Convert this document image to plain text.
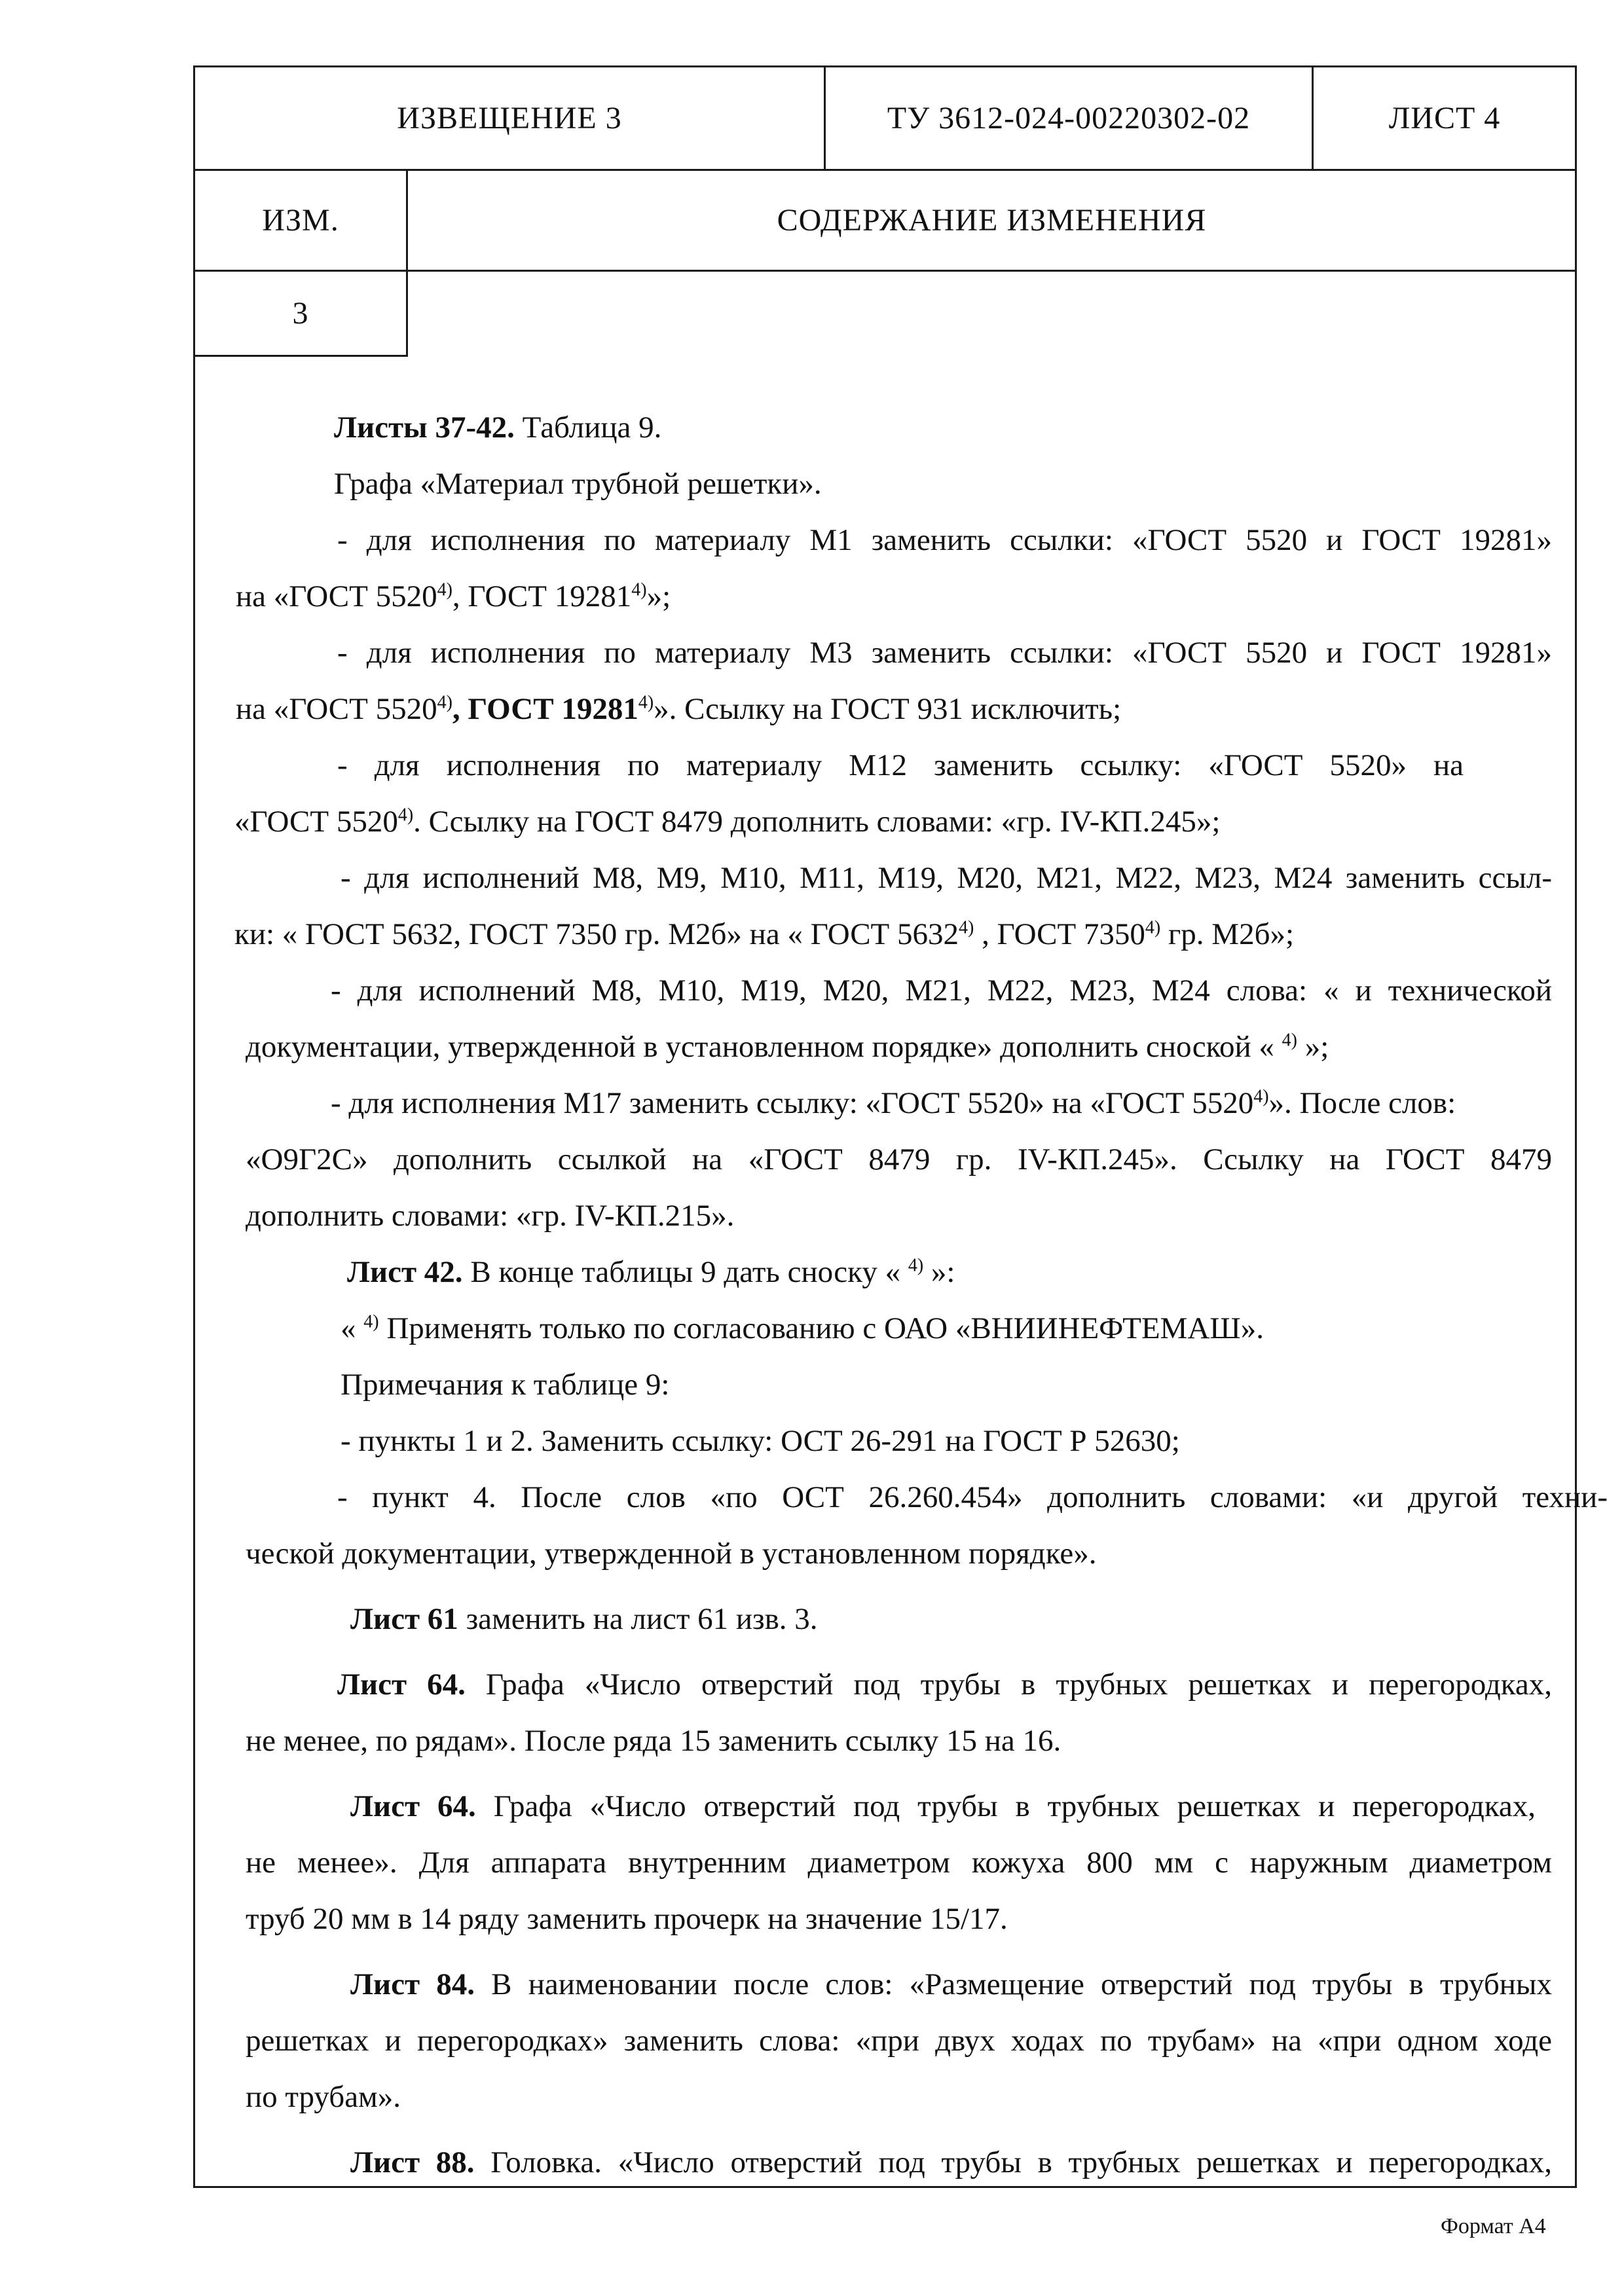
ИЗВЕЩЕНИЕ 3	ТУ 3612-024-00220302-02	ЛИСТ 4
ИЗМ.	СОДЕРЖАНИЕ ИЗМЕНЕНИЯ
3

Листы 37-42. Таблица 9.

Графа «Материал трубной решетки».

- для исполнения по материалу М1 заменить ссылки: «ГОСТ 5520 и ГОСТ 19281»

на «ГОСТ 5520$^{4)}$, ГОСТ 19281$^{4)}$»;

- для исполнения по материалу М3 заменить ссылки: «ГОСТ 5520 и ГОСТ 19281»

на «ГОСТ 5520$^{4)}$, ГОСТ 19281$^{4)}$». Ссылку на ГОСТ 931 исключить;

- для исполнения по материалу М12 заменить ссылку: «ГОСТ 5520» на

«ГОСТ 5520$^{4)}$. Ссылку на ГОСТ 8479 дополнить словами: «гр. IV-КП.245»;

- для исполнений М8, М9, М10, М11, М19, М20, М21, М22, М23, М24 заменить ссыл-

ки: « ГОСТ 5632, ГОСТ 7350 гр. М2б» на « ГОСТ 5632$^{4)}$ , ГОСТ 7350$^{4)}$ гр. М2б»;

- для исполнений М8, М10, М19, М20, М21, М22, М23, М24 слова: « и технической

документации, утвержденной в установленном порядке» дополнить сноской « $^{4)}$ »;

- для исполнения М17 заменить ссылку: «ГОСТ 5520» на «ГОСТ 5520$^{4)}$». После слов:

«О9Г2С» дополнить ссылкой на «ГОСТ 8479 гр. IV-КП.245». Ссылку на ГОСТ 8479

дополнить словами: «гр. IV-КП.215».

Лист 42. В конце таблицы 9 дать сноску « $^{4)}$ »:

« $^{4)}$ Применять только по согласованию с ОАО «ВНИИНЕФТЕМАШ».

Примечания к таблице 9:

- пункты 1 и 2. Заменить ссылку: ОСТ 26-291 на ГОСТ Р 52630;

- пункт 4. После слов «по ОСТ 26.260.454» дополнить словами: «и другой техни-

ческой документации, утвержденной в установленном порядке».

Лист 61 заменить на лист 61 изв. 3.

Лист 64. Графа «Число отверстий под трубы в трубных решетках и перегородках,

не менее, по рядам». После ряда 15 заменить ссылку 15 на 16.

Лист 64. Графа «Число отверстий под трубы в трубных решетках и перегородках,

не менее». Для аппарата внутренним диаметром кожуха 800 мм с наружным диаметром

труб 20 мм в 14 ряду заменить прочерк на значение 15/17.

Лист 84. В наименовании после слов: «Размещение отверстий под трубы в трубных

решетках и перегородках» заменить слова: «при двух ходах по трубам» на «при одном ходе

по трубам».

Лист 88. Головка. «Число отверстий под трубы в трубных решетках и перегородках,

Формат А4
